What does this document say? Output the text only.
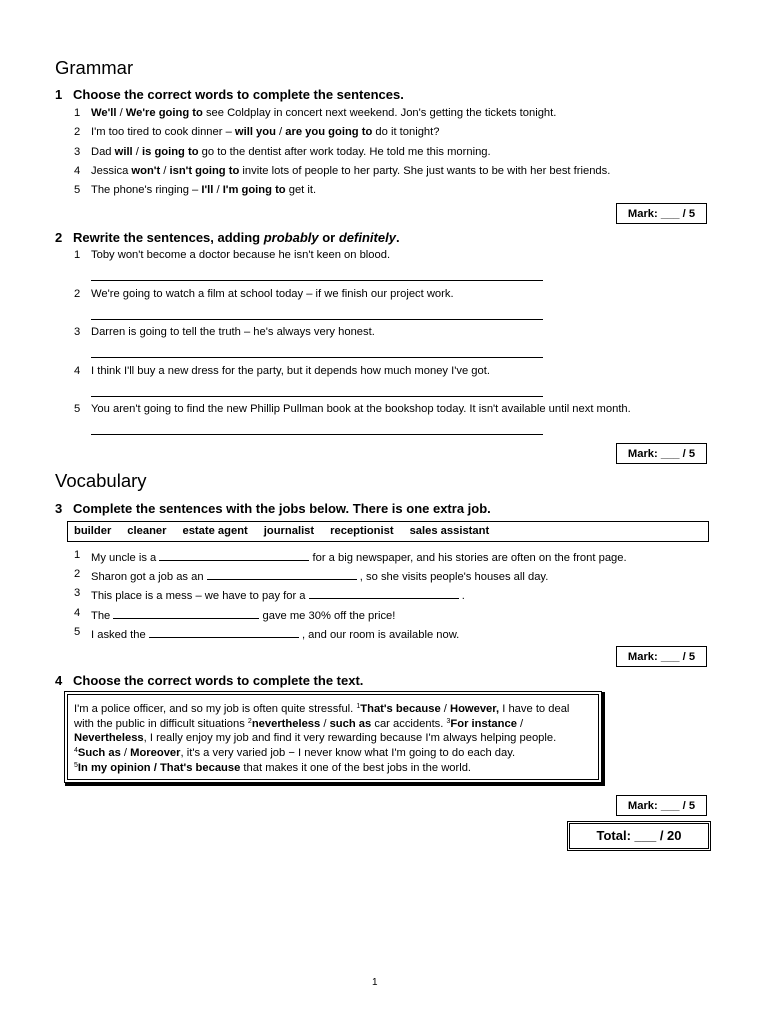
Grammar
1 Choose the correct words to complete the sentences.
1 We'll / We're going to see Coldplay in concert next weekend. Jon's getting the tickets tonight.
2 I'm too tired to cook dinner – will you / are you going to do it tonight?
3 Dad will / is going to go to the dentist after work today. He told me this morning.
4 Jessica won't / isn't going to invite lots of people to her party. She just wants to be with her best friends.
5 The phone's ringing – I'll / I'm going to get it.
Mark: ___ / 5
2 Rewrite the sentences, adding probably or definitely.
1 Toby won't become a doctor because he isn't keen on blood.
2 We're going to watch a film at school today – if we finish our project work.
3 Darren is going to tell the truth – he's always very honest.
4 I think I'll buy a new dress for the party, but it depends how much money I've got.
5 You aren't going to find the new Phillip Pullman book at the bookshop today. It isn't available until next month.
Mark: ___ / 5
Vocabulary
3 Complete the sentences with the jobs below. There is one extra job.
builder cleaner estate agent journalist receptionist sales assistant
1 My uncle is a	for a big newspaper, and his stories are often on the front page.
2 Sharon got a job as an	, so she visits people's houses all day.
3 This place is a mess – we have to pay for a	.
4 The	gave me 30% off the price!
5 I asked the	, and our room is available now.
Mark: ___ / 5
4 Choose the correct words to complete the text.
I'm a police officer, and so my job is often quite stressful. $^1$That's because / However, I have to deal with the public in difficult situations $^2$nevertheless / such as car accidents. $^3$For instance / Nevertheless, I really enjoy my job and find it very rewarding because I'm always helping people.
$^4$Such as / Moreover, it's a very varied job − I never know what I'm going to do each day.
$^5$In my opinion / That's because that makes it one of the best jobs in the world.
Mark: ___ / 5
Total: ___ / 20
1
